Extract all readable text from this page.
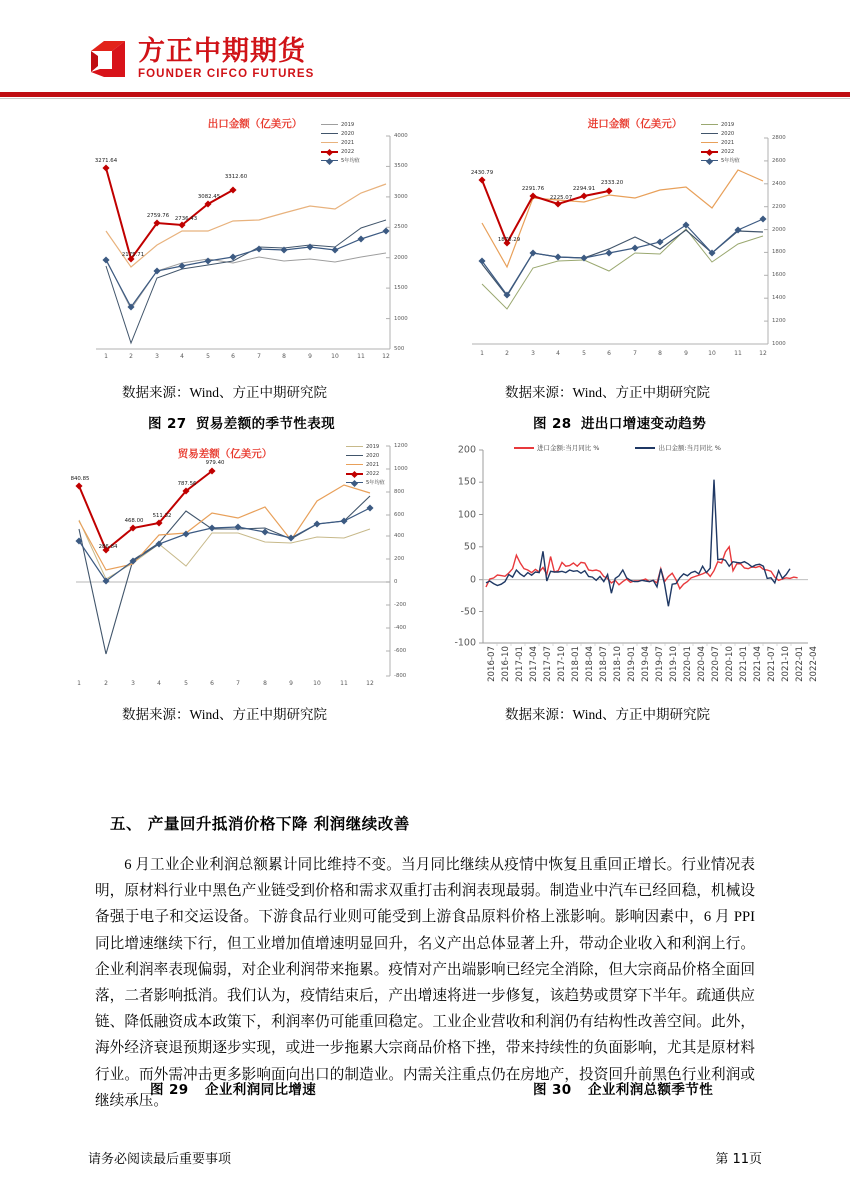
方正中期期货
FOUNDER CIFCO FUTURES
出口金额（亿美元）	2019
2020
2021
2022
5年均值
3271.64
2175.71
2759.76 2736.43
3082.45
3312.60
4000
3500
3000
2500
2000
1500
1000
500
1	2	3	4	5	6	7	8	9	10	11	12
进口金额（亿美元）	2019
2020
2021
2022
5年均值
2430.79
1878.29
2291.76
2225.07
2294.91
2333.20
2800
2600
2400
2200
2000
1800
1600
1400
1200
1000
1	2	3	4	5	6	7	8	9	10	11	12
数据来源：Wind、方正中期研究院	数据来源：Wind、方正中期研究院
图 27 贸易差额的季节性表现	图 28 进出口增速变动趋势
贸易差额（亿美元）
2019
2020
2021
2022
5年均值
840.85
286.84
468.00
511.32
787.56
979.40
1200
1000
800
600
400
200
0
-200
-400
-600
-800
1	2	3	4	5	6	7	8	9	10	11	12
进口金额:当月同比 %	出口金额:当月同比 %
200
150
100
50
0
-50
-100
2016-07 2016-10 2017-01 2017-04 2017-07 2017-10 2018-01 2018-04 2018-07 2018-10 2019-01 2019-04 2019-07 2019-10 2020-01 2020-04 2020-07 2020-10 2021-01 2021-04 2021-07 2021-10 2022-01 2022-04
数据来源：Wind、方正中期研究院	数据来源：Wind、方正中期研究院
五、 产量回升抵消价格下降 利润继续改善
6 月工业企业利润总额累计同比维持不变。当月同比继续从疫情中恢复且重回正增长。行业情况表明，原材料行业中黑色产业链受到价格和需求双重打击利润表现最弱。制造业中汽车已经回稳，机械设备强于电子和交运设备。下游食品行业则可能受到上游食品原料价格上涨影响。影响因素中，6 月 PPI 同比增速继续下行，但工业增加值增速明显回升，名义产出总体显著上升，带动企业收入和利润上行。企业利润率表现偏弱，对企业利润带来拖累。疫情对产出端影响已经完全消除，但大宗商品价格全面回落，二者影响抵消。我们认为，疫情结束后，产出增速将进一步修复，该趋势或贯穿下半年。疏通供应链、降低融资成本政策下，利润率仍可能重回稳定。工业企业营收和利润仍有结构性改善空间。此外，海外经济衰退预期逐步实现，或进一步拖累大宗商品价格下挫，带来持续性的负面影响，尤其是原材料行业。而外需冲击更多影响面向出口的制造业。内需关注重点仍在房地产，投资回升前黑色行业利润或继续承压。
图 29 企业利润同比增速	图 30 企业利润总额季节性
请务必阅读最后重要事项	第 11页
